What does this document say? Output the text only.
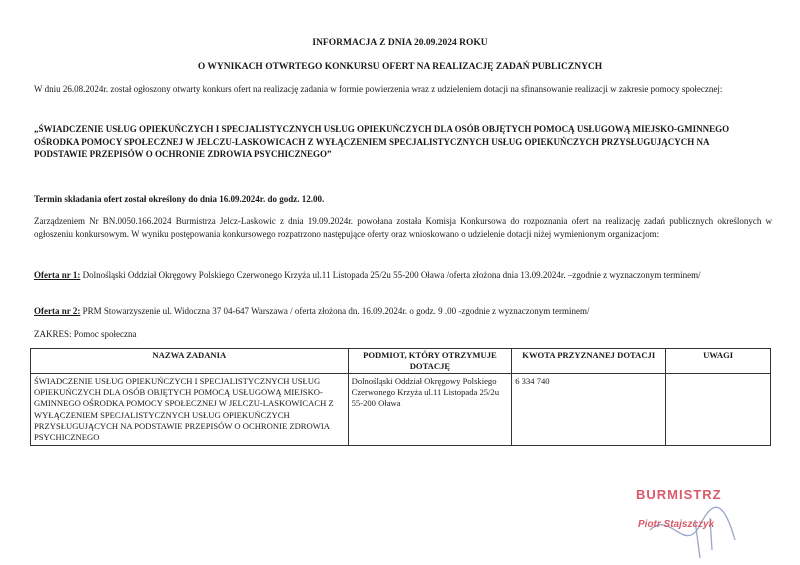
INFORMACJA Z DNIA 20.09.2024 ROKU
O WYNIKACH OTWRTEGO KONKURSU OFERT NA REALIZACJĘ ZADAŃ PUBLICZNYCH
W dniu 26.08.2024r. został ogłoszony otwarty konkurs ofert na realizację zadania w formie powierzenia wraz z udzieleniem dotacji na sfinansowanie realizacji w zakresie pomocy społecznej:
„ŚWIADCZENIE USŁUG OPIEKUŃCZYCH I SPECJALISTYCZNYCH USŁUG OPIEKUŃCZYCH DLA OSÓB OBJĘTYCH POMOCĄ USŁUGOWĄ MIEJSKO-GMINNEGO OŚRODKA POMOCY SPOŁECZNEJ W JELCZU-LASKOWICACH Z WYŁĄCZENIEM SPECJALISTYCZNYCH USŁUG OPIEKUŃCZYCH PRZYSŁUGUJĄCYCH NA PODSTAWIE PRZEPISÓW O OCHRONIE ZDROWIA PSYCHICZNEGO”
Termin składania ofert został określony do dnia 16.09.2024r. do godz. 12.00.
Zarządzeniem Nr BN.0050.166.2024 Burmistrza Jelcz-Laskowic z dnia 19.09.2024r. powołana została Komisja Konkursowa do rozpoznania ofert na realizację zadań publicznych określonych w ogłoszeniu konkursowym. W wyniku postępowania konkursowego rozpatrzono następujące oferty oraz wnioskowano o udzielenie dotacji niżej wymienionym organizacjom:
Oferta nr 1: Dolnośląski Oddział Okręgowy Polskiego Czerwonego Krzyża ul.11 Listopada 25/2u 55-200 Oława /oferta złożona dnia 13.09.2024r. –zgodnie z wyznaczonym terminem/
Oferta nr 2: PRM Stowarzyszenie ul. Widoczna 37 04-647 Warszawa / oferta złożona dn. 16.09.2024r. o godz. 9 .00 -zgodnie z wyznaczonym terminem/
ZAKRES: Pomoc społeczna
NAZWA ZADANIA	PODMIOT, KTÓRY OTRZYMUJE DOTACJĘ	KWOTA PRZYZNANEJ DOTACJI	UWAGI
ŚWIADCZENIE USŁUG OPIEKUŃCZYCH I SPECJALISTYCZNYCH USŁUG OPIEKUŃCZYCH DLA OSÓB OBJĘTYCH POMOCĄ USŁUGOWĄ MIEJSKO-GMINNEGO OŚRODKA POMOCY SPOŁECZNEJ W JELCZU-LASKOWICACH Z WYŁĄCZENIEM SPECJALISTYCZNYCH USŁUG OPIEKUŃCZYCH PRZYSŁUGUJĄCYCH NA PODSTAWIE PRZEPISÓW O OCHRONIE ZDROWIA PSYCHICZNEGO	Dolnośląski Oddział Okręgowy Polskiego Czerwonego Krzyża ul.11 Listopada 25/2u 55-200 Oława	6 334 740	
BURMISTRZ
Piotr Stajszczyk
